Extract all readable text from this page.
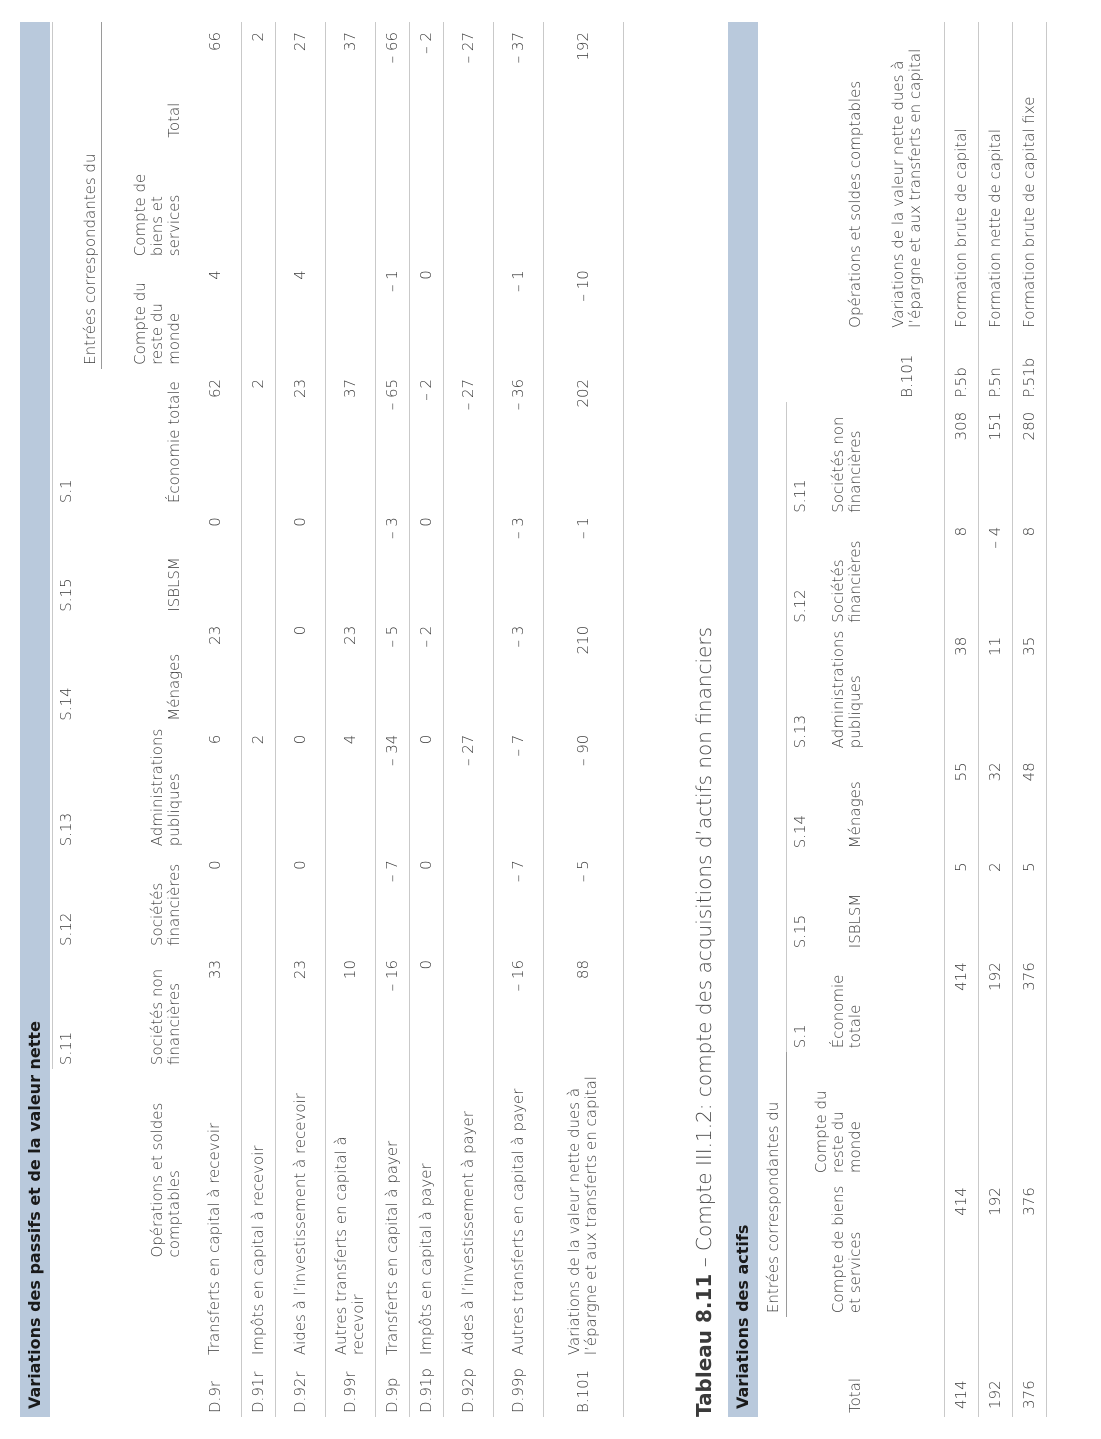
Variations des passifs et de la valeur nette
			S.11	S.12	S.13	S.14	S.15	S.1			
									Entrées correspondantes du		
		Opérations et soldes comptables	Sociétés non financières	Sociétés financières	Administrations publiques	Ménages	ISBLSM	Économie totale	Compte du reste du monde	Compte de biens et services	Total
D.9r	Transferts en capital à recevoir		33	0	6	23	0	62	4		66
D.91r	Impôts en capital à recevoir				2			2			2
D.92r	Aides à l’investissement à recevoir		23	0	0	0	0	23	4		27
D.99r	Autres transferts en capital à recevoir		10		4	23		37			37
D.9p	Transferts en capital à payer		– 16	– 7	– 34	– 5	– 3	– 65	– 1		– 66
D.91p	Impôts en capital à payer		0	0	0	– 2	0	– 2	0		– 2
D.92p	Aides à l’investissement à payer				– 27			– 27			– 27
D.99p	Autres transferts en capital à payer		– 16	– 7	– 7	– 3	– 3	– 36	– 1		– 37
B.101	Variations de la valeur nette dues à l’épargne et aux transferts en capital		88	– 5	– 90	210	– 1	202	– 10		192
Tableau 8.11 – Compte III.1.2: compte des acquisitions d’actifs non financiers
Variations des actifs
	Entrées correspondantes du									
			S.1	S.15	S.14	S.13	S.12	S.11		
Total	Compte de biens et services	Compte du reste du monde	Économie totale	ISBLSM	Ménages	Administrations publiques	Sociétés financières	Sociétés non financières		Opérations et soldes comptables
									B.101	Variations de la valeur nette dues à l’épargne et aux transferts en capital
414	414		414	5	55	38	8	308	P.5b	Formation brute de capital
192	192		192	2	32	11	– 4	151	P.5n	Formation nette de capital
376	376		376	5	48	35	8	280	P.51b	Formation brute de capital fixe
